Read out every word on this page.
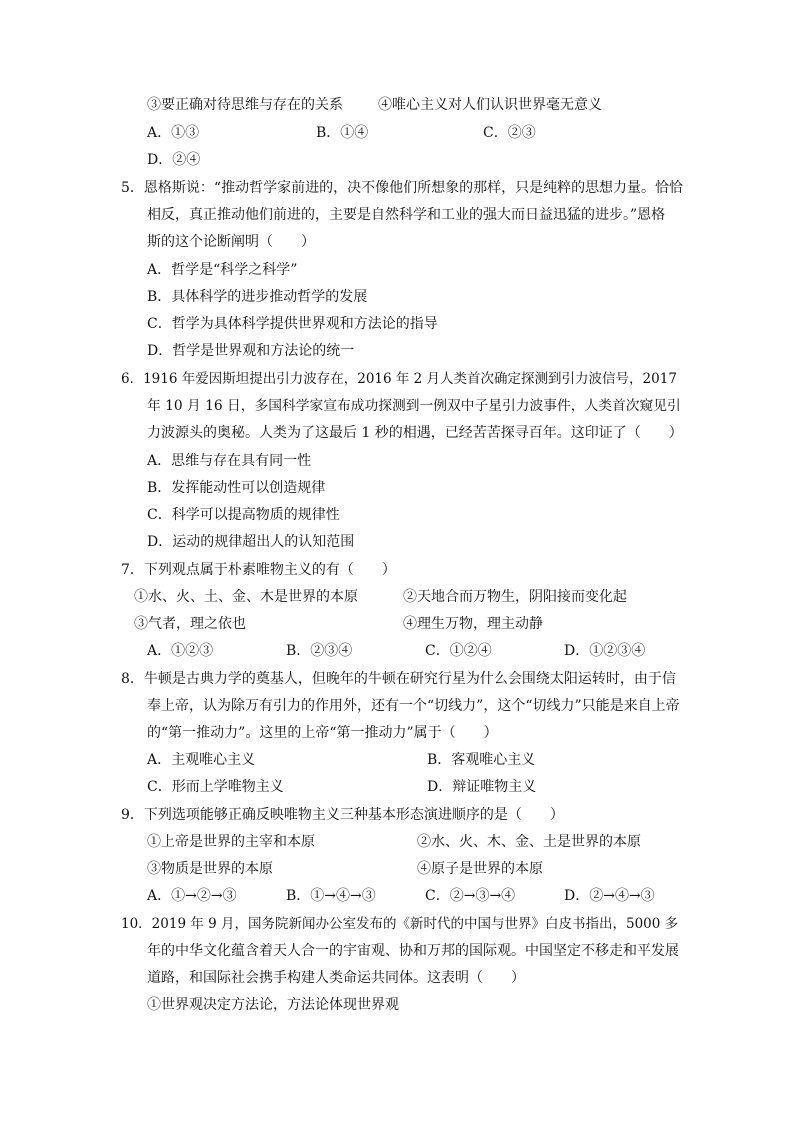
③要正确对待思维与存在的关系	④唯心主义对人们认识世界毫无意义
A．①③	B．①④	C．②③
D．②④
5．恩格斯说：“推动哲学家前进的，决不像他们所想象的那样，只是纯粹的思想力量。恰恰
相反，真正推动他们前进的，主要是自然科学和工业的强大而日益迅猛的进步。”恩格
斯的这个论断阐明（　　）
A．哲学是“科学之科学”
B．具体科学的进步推动哲学的发展
C．哲学为具体科学提供世界观和方法论的指导
D．哲学是世界观和方法论的统一
6．1916 年爱因斯坦提出引力波存在，2016 年 2 月人类首次确定探测到引力波信号，2017
年 10 月 16 日，多国科学家宣布成功探测到一例双中子星引力波事件，人类首次窥见引
力波源头的奥秘。人类为了这最后 1 秒的相遇，已经苦苦探寻百年。这印证了（　　）
A．思维与存在具有同一性
B．发挥能动性可以创造规律
C．科学可以提高物质的规律性
D．运动的规律超出人的认知范围
7．下列观点属于朴素唯物主义的有（　　）
①水、火、土、金、木是世界的本原	②天地合而万物生，阴阳接而变化起
③气者，理之依也	④理生万物，理主动静
A．①②③	B．②③④	C．①②④	D．①②③④
8．牛顿是古典力学的奠基人，但晚年的牛顿在研究行星为什么会围绕太阳运转时，由于信
奉上帝，认为除万有引力的作用外，还有一个“切线力”，这个“切线力”只能是来自上帝
的“第一推动力”。这里的上帝“第一推动力”属于（　　）
A．主观唯心主义	B．客观唯心主义
C．形而上学唯物主义	D．辩证唯物主义
9．下列选项能够正确反映唯物主义三种基本形态演进顺序的是（　　）
①上帝是世界的主宰和本原	②水、火、木、金、土是世界的本原
③物质是世界的本原	④原子是世界的本原
A．①→②→③	B．①→④→③	C．②→③→④	D．②→④→③
10．2019 年 9 月，国务院新闻办公室发布的《新时代的中国与世界》白皮书指出，5000 多
年的中华文化蕴含着天人合一的宇宙观、协和万邦的国际观。中国坚定不移走和平发展
道路，和国际社会携手构建人类命运共同体。这表明（　　）
①世界观决定方法论，方法论体现世界观
